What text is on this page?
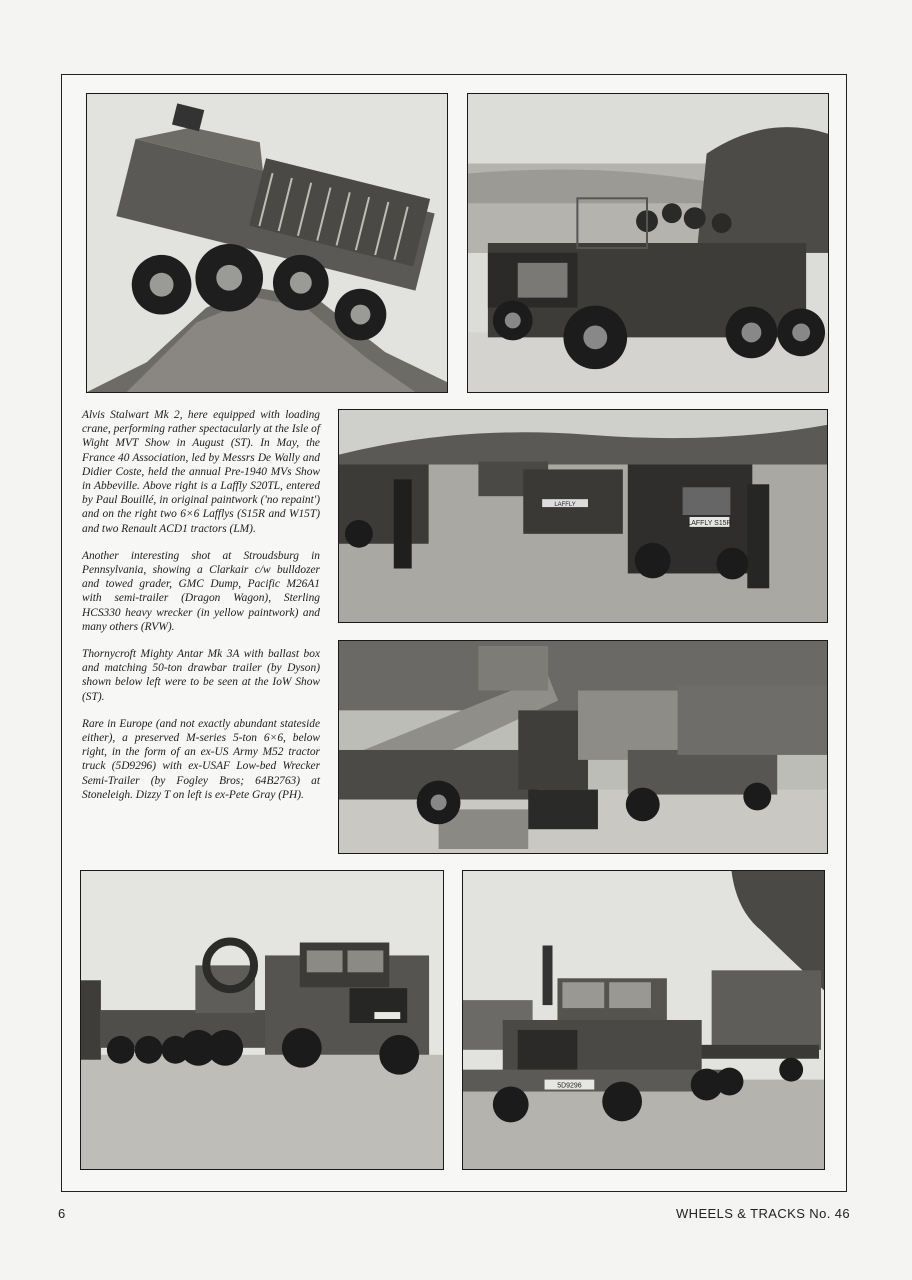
LAFFLY S15R
LAFFLY
5D9296

Alvis Stalwart Mk 2, here equipped with loading crane, performing rather spectacularly at the Isle of Wight MVT Show in August (ST). In May, the France 40 Association, led by Messrs De Wally and Didier Coste, held the annual Pre-1940 MVs Show in Abbeville. Above right is a Laffly S20TL, entered by Paul Bouillé, in original paintwork ('no repaint') and on the right two 6×6 Lafflys (S15R and W15T) and two Renault ACD1 tractors (LM).

Another interesting shot at Stroudsburg in Pennsylvania, showing a Clarkair c/w bulldozer and towed grader, GMC Dump, Pacific M26A1 with semi-trailer (Dragon Wagon), Sterling HCS330 heavy wrecker (in yellow paintwork) and many others (RVW).

Thornycroft Mighty Antar Mk 3A with ballast box and matching 50-ton drawbar trailer (by Dyson) shown below left were to be seen at the IoW Show (ST).

Rare in Europe (and not exactly abundant stateside either), a preserved M-series 5-ton 6×6, below right, in the form of an ex-US Army M52 tractor truck (5D9296) with ex-USAF Low-bed Wrecker Semi-Trailer (by Fogley Bros; 64B2763) at Stoneleigh. Dizzy T on left is ex-Pete Gray (PH).

6	WHEELS & TRACKS No. 46
